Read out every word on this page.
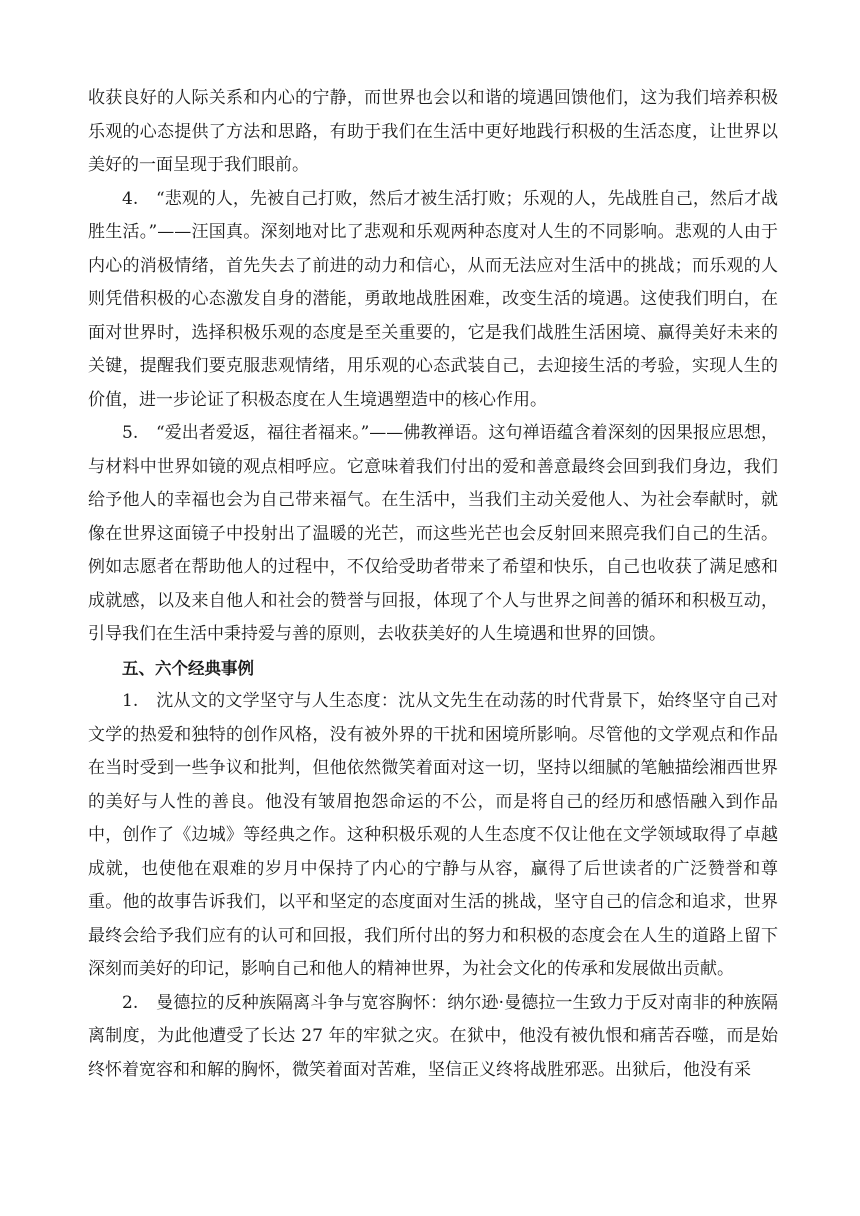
收获良好的人际关系和内心的宁静，而世界也会以和谐的境遇回馈他们，这为我们培养积极乐观的心态提供了方法和思路，有助于我们在生活中更好地践行积极的生活态度，让世界以美好的一面呈现于我们眼前。

4. “悲观的人，先被自己打败，然后才被生活打败；乐观的人，先战胜自己，然后才战胜生活。”——汪国真。深刻地对比了悲观和乐观两种态度对人生的不同影响。悲观的人由于内心的消极情绪，首先失去了前进的动力和信心，从而无法应对生活中的挑战；而乐观的人则凭借积极的心态激发自身的潜能，勇敢地战胜困难，改变生活的境遇。这使我们明白，在面对世界时，选择积极乐观的态度是至关重要的，它是我们战胜生活困境、赢得美好未来的关键，提醒我们要克服悲观情绪，用乐观的心态武装自己，去迎接生活的考验，实现人生的价值，进一步论证了积极态度在人生境遇塑造中的核心作用。

5. “爱出者爱返，福往者福来。”——佛教禅语。这句禅语蕴含着深刻的因果报应思想，与材料中世界如镜的观点相呼应。它意味着我们付出的爱和善意最终会回到我们身边，我们给予他人的幸福也会为自己带来福气。在生活中，当我们主动关爱他人、为社会奉献时，就像在世界这面镜子中投射出了温暖的光芒，而这些光芒也会反射回来照亮我们自己的生活。例如志愿者在帮助他人的过程中，不仅给受助者带来了希望和快乐，自己也收获了满足感和成就感，以及来自他人和社会的赞誉与回报，体现了个人与世界之间善的循环和积极互动，引导我们在生活中秉持爱与善的原则，去收获美好的人生境遇和世界的回馈。

五、六个经典事例

1. 沈从文的文学坚守与人生态度：沈从文先生在动荡的时代背景下，始终坚守自己对文学的热爱和独特的创作风格，没有被外界的干扰和困境所影响。尽管他的文学观点和作品在当时受到一些争议和批判，但他依然微笑着面对这一切，坚持以细腻的笔触描绘湘西世界的美好与人性的善良。他没有皱眉抱怨命运的不公，而是将自己的经历和感悟融入到作品中，创作了《边城》等经典之作。这种积极乐观的人生态度不仅让他在文学领域取得了卓越成就，也使他在艰难的岁月中保持了内心的宁静与从容，赢得了后世读者的广泛赞誉和尊重。他的故事告诉我们，以平和坚定的态度面对生活的挑战，坚守自己的信念和追求，世界最终会给予我们应有的认可和回报，我们所付出的努力和积极的态度会在人生的道路上留下深刻而美好的印记，影响自己和他人的精神世界，为社会文化的传承和发展做出贡献。

2. 曼德拉的反种族隔离斗争与宽容胸怀：纳尔逊·曼德拉一生致力于反对南非的种族隔离制度，为此他遭受了长达 27 年的牢狱之灾。在狱中，他没有被仇恨和痛苦吞噬，而是始终怀着宽容和和解的胸怀，微笑着面对苦难，坚信正义终将战胜邪恶。出狱后，他没有采
